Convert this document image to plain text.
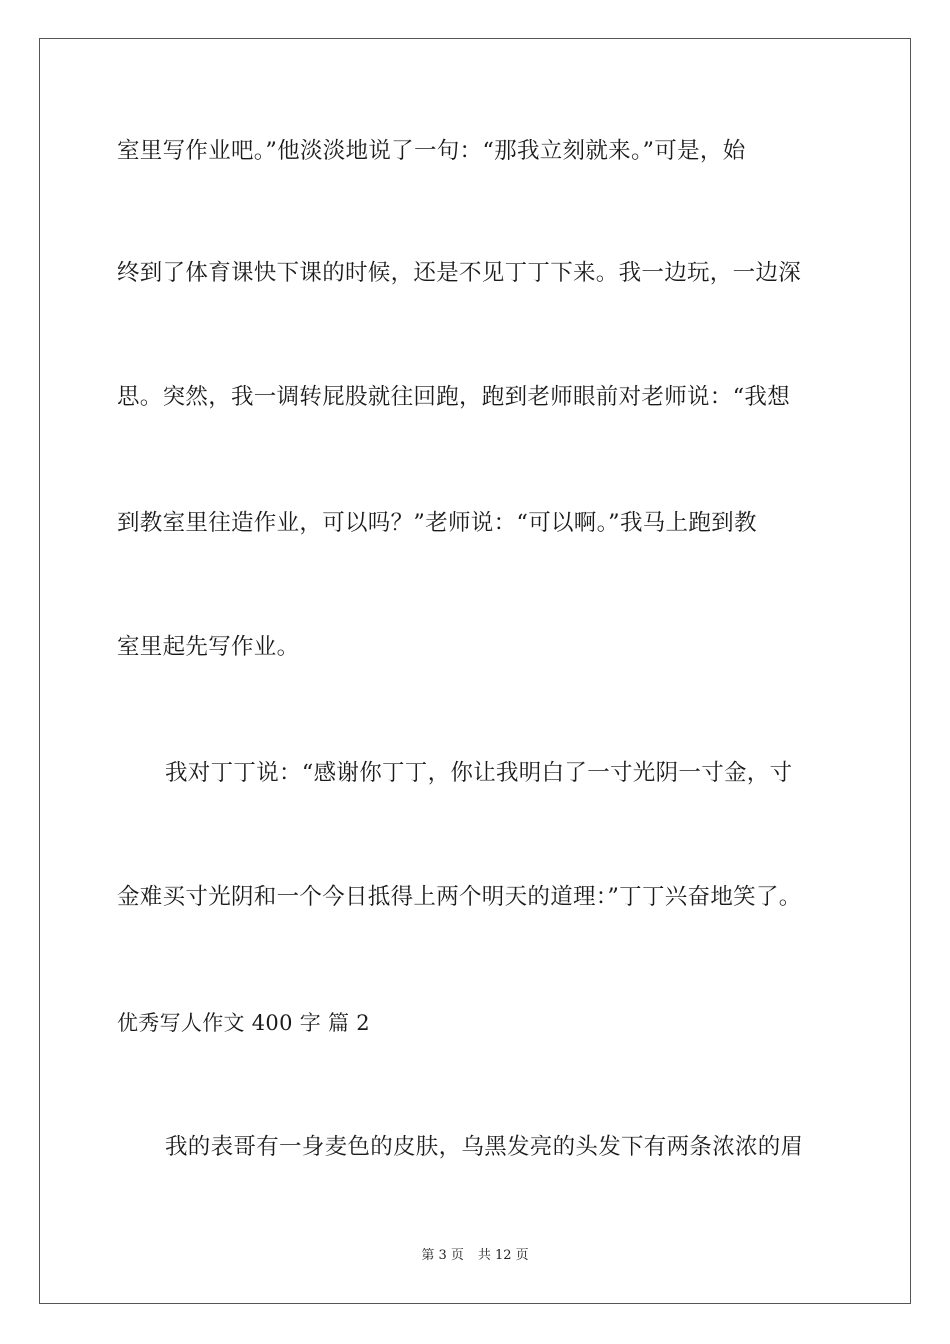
室里写作业吧。”他淡淡地说了一句：“那我立刻就来。”可是，始
终到了体育课快下课的时候，还是不见丁丁下来。我一边玩，一边深
思。突然，我一调转屁股就往回跑，跑到老师眼前对老师说：“我想
到教室里往造作业，可以吗？”老师说：“可以啊。”我马上跑到教
室里起先写作业。
我对丁丁说：“感谢你丁丁，你让我明白了一寸光阴一寸金，寸
金难买寸光阴和一个今日抵得上两个明天的道理：”丁丁兴奋地笑了。
优秀写人作文 400 字 篇 2
我的表哥有一身麦色的皮肤，乌黑发亮的头发下有两条浓浓的眉
第 3 页 共 12 页
